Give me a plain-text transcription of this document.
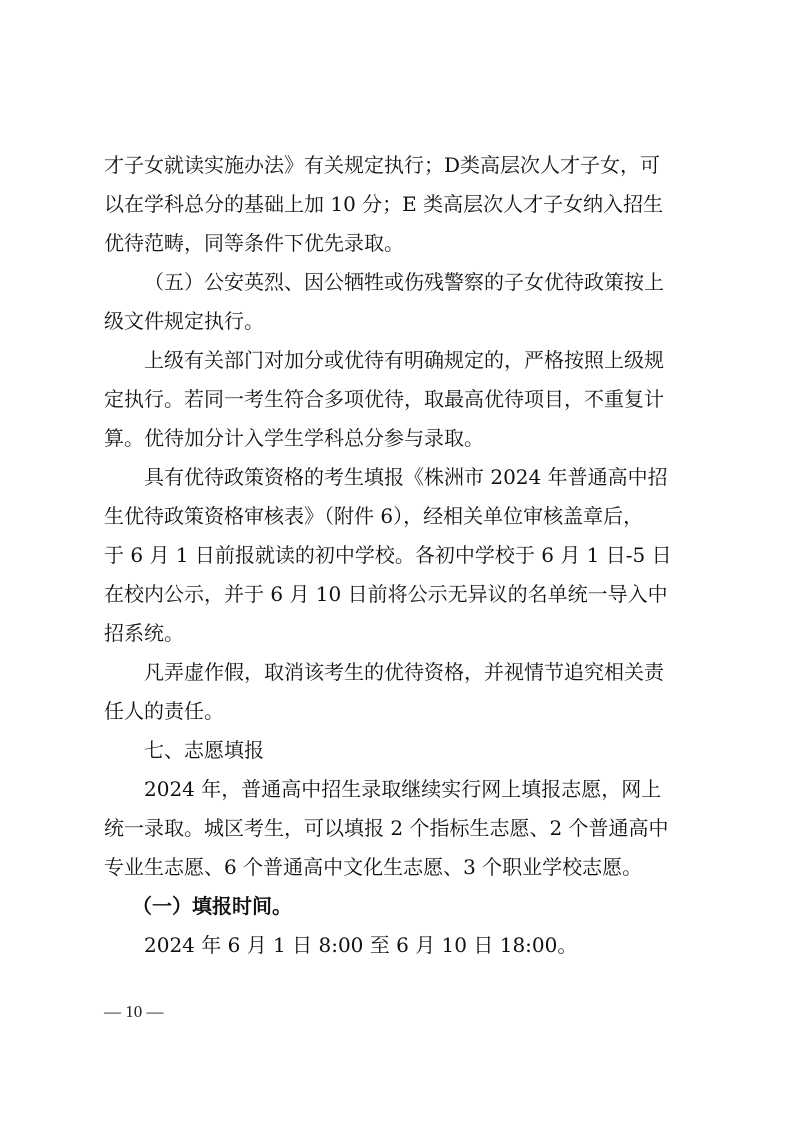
才子女就读实施办法》有关规定执行；D类高层次人才子女，可
以在学科总分的基础上加 10 分；E 类高层次人才子女纳入招生
优待范畴，同等条件下优先录取。

（五）公安英烈、因公牺牲或伤残警察的子女优待政策按上
级文件规定执行。

上级有关部门对加分或优待有明确规定的，严格按照上级规
定执行。若同一考生符合多项优待，取最高优待项目，不重复计
算。优待加分计入学生学科总分参与录取。

具有优待政策资格的考生填报《株洲市 2024 年普通高中招
生优待政策资格审核表》（附件 6），经相关单位审核盖章后，
于 6 月 1 日前报就读的初中学校。各初中学校于 6 月 1 日-5 日
在校内公示，并于 6 月 10 日前将公示无异议的名单统一导入中
招系统。

凡弄虚作假，取消该考生的优待资格，并视情节追究相关责
任人的责任。

七、志愿填报

2024 年，普通高中招生录取继续实行网上填报志愿，网上
统一录取。城区考生，可以填报 2 个指标生志愿、2 个普通高中
专业生志愿、6 个普通高中文化生志愿、3 个职业学校志愿。

（一）填报时间。

2024 年 6 月 1 日 8:00 至 6 月 10 日 18:00。

— 10 —
